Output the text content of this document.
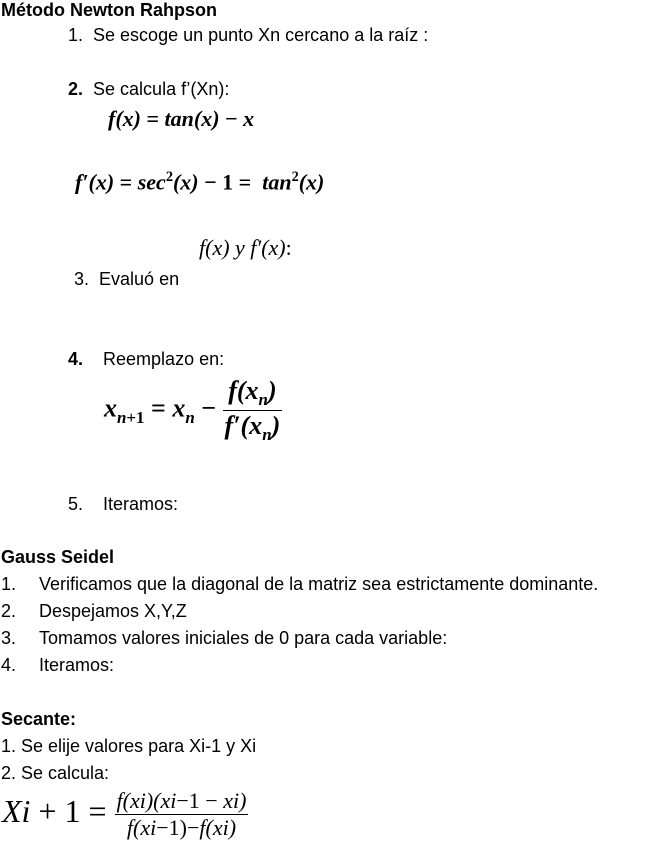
Método Newton Rahpson
1. Se escoge un punto Xn cercano a la raíz :
2. Se calcula f’(Xn):
f(x) = tan(x) − x
$f'(x) = \sec^2(x) - 1 = \tan^2(x)$
f(x) y f′(x):
3. Evaluó en
4. Reemplazo en:
$x_{n+1} = x_n - \frac{f(x_n)}{f'(x_n)}$
5. Iteramos:
Gauss Seidel
1. Verificamos que la diagonal de la matriz sea estrictamente dominante.
2. Despejamos X,Y,Z
3. Tomamos valores iniciales de 0 para cada variable:
4. Iteramos:
Secante:
1. Se elije valores para Xi-1 y Xi
2. Se calcula:
$Xi + 1 = \frac{f(xi)(xi-1 - xi)}{f(xi-1)-f(xi)}$
